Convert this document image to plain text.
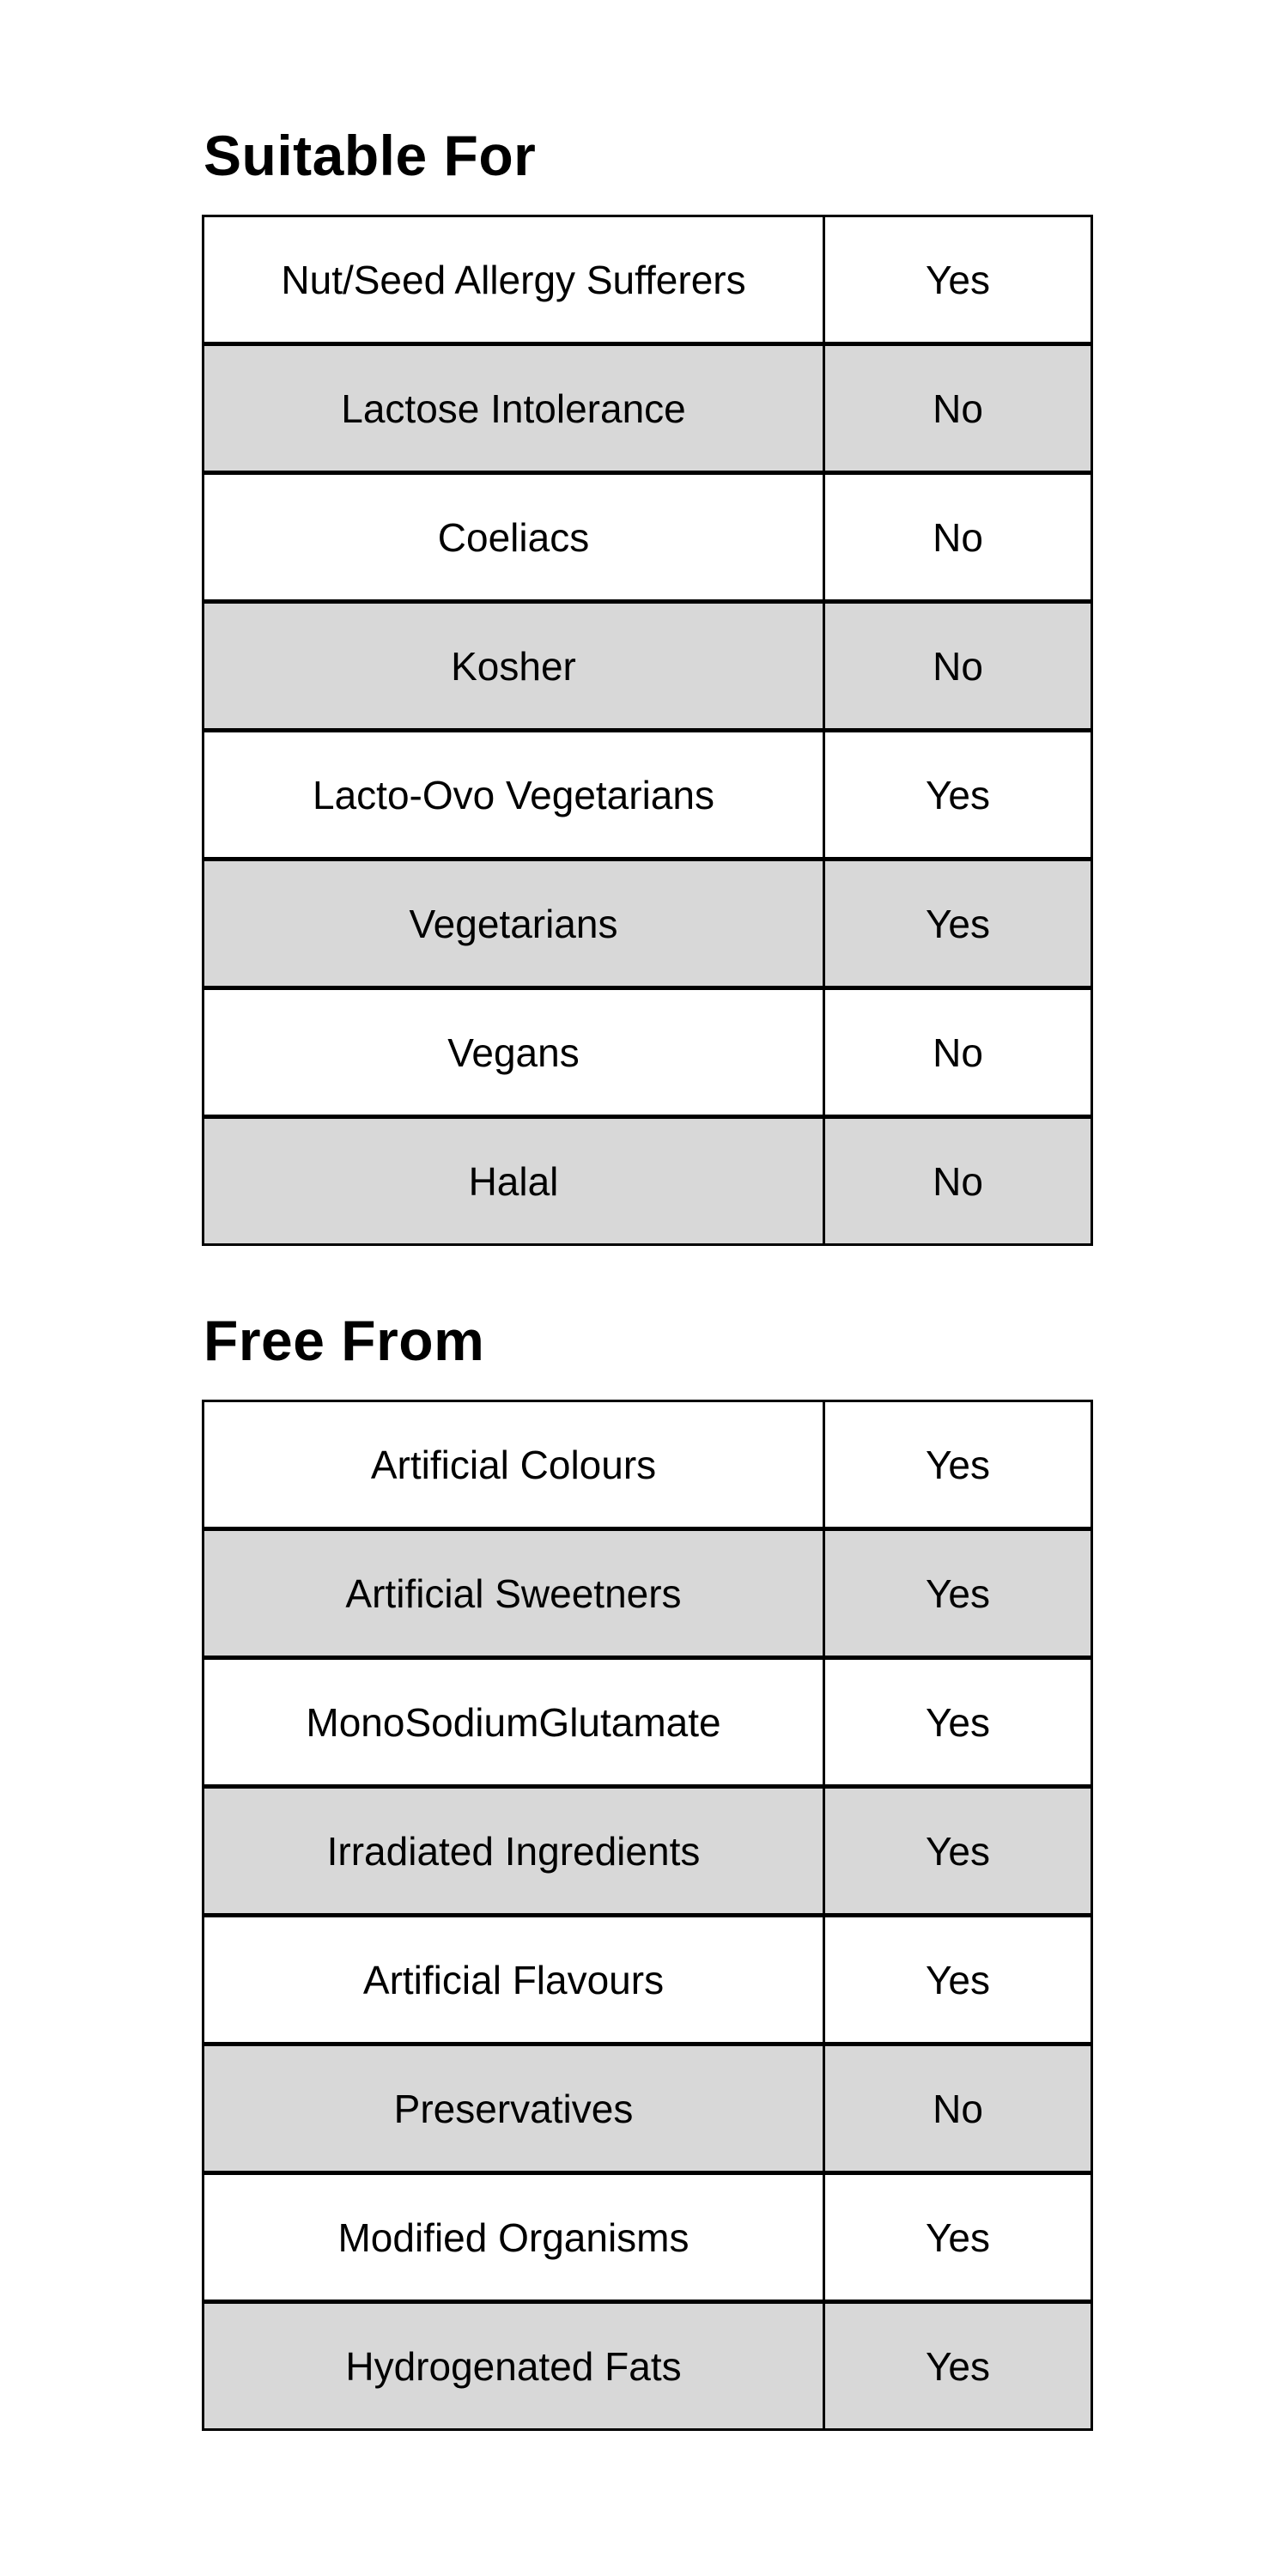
Suitable For
Nut/Seed Allergy Sufferers	Yes
Lactose Intolerance	No
Coeliacs	No
Kosher	No
Lacto-Ovo Vegetarians	Yes
Vegetarians	Yes
Vegans	No
Halal	No
Free From
Artificial Colours	Yes
Artificial Sweetners	Yes
MonoSodiumGlutamate	Yes
Irradiated Ingredients	Yes
Artificial Flavours	Yes
Preservatives	No
Modified Organisms	Yes
Hydrogenated Fats	Yes
